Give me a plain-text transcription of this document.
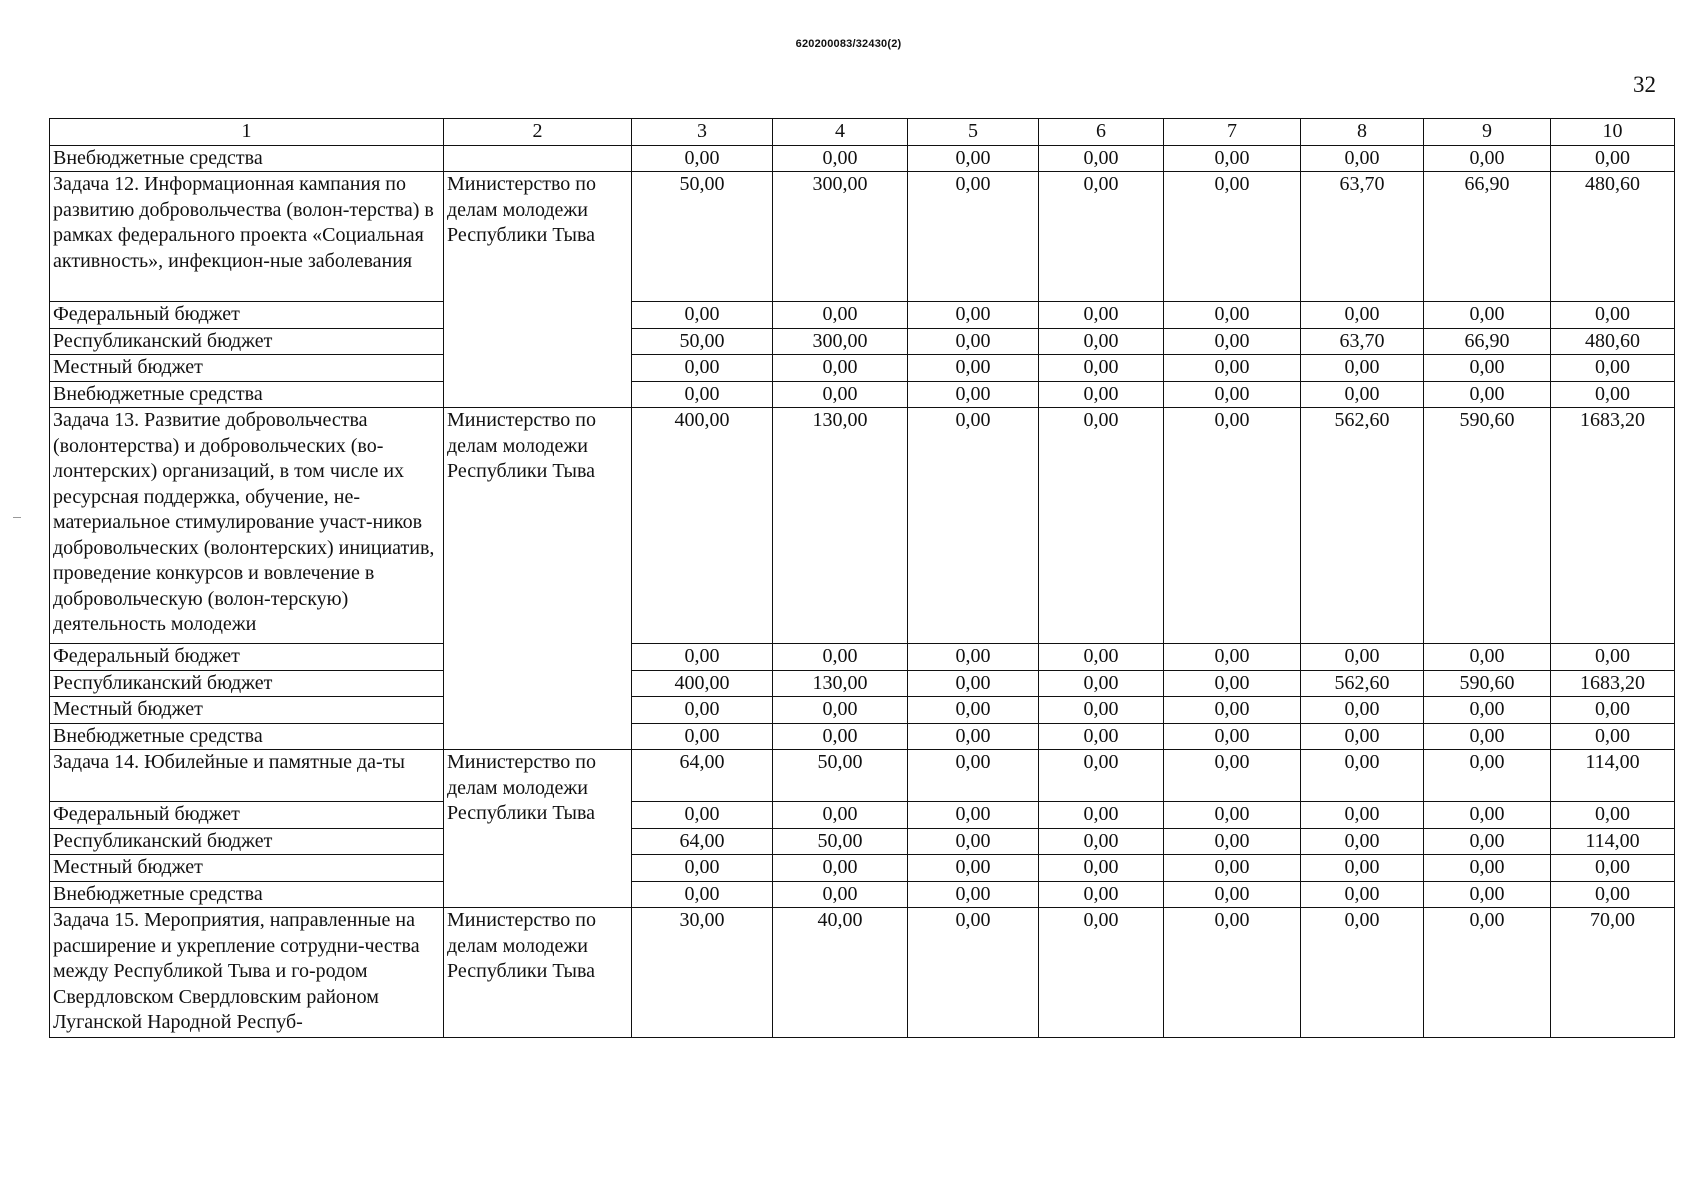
620200083/32430(2)
32
1	2	3	4	5	6	7	8	9	10
Внебюджетные средства		0,00	0,00	0,00	0,00	0,00	0,00	0,00	0,00
Задача 12. Информационная кампания по развитию добровольчества (волон-терства) в рамках федерального проекта «Социальная активность», инфекцион-ные заболевания	Министерство по делам молодежи Республики Тыва	50,00	300,00	0,00	0,00	0,00	63,70	66,90	480,60
Федеральный бюджет		0,00	0,00	0,00	0,00	0,00	0,00	0,00	0,00
Республиканский бюджет		50,00	300,00	0,00	0,00	0,00	63,70	66,90	480,60
Местный бюджет		0,00	0,00	0,00	0,00	0,00	0,00	0,00	0,00
Внебюджетные средства		0,00	0,00	0,00	0,00	0,00	0,00	0,00	0,00
Задача 13. Развитие добровольчества (волонтерства) и добровольческих (во-лонтерских) организаций, в том числе их ресурсная поддержка, обучение, не-материальное стимулирование участ-ников добровольческих (волонтерских) инициатив, проведение конкурсов и вовлечение в добровольческую (волон-терскую) деятельность молодежи	Министерство по делам молодежи Республики Тыва	400,00	130,00	0,00	0,00	0,00	562,60	590,60	1683,20
Федеральный бюджет		0,00	0,00	0,00	0,00	0,00	0,00	0,00	0,00
Республиканский бюджет		400,00	130,00	0,00	0,00	0,00	562,60	590,60	1683,20
Местный бюджет		0,00	0,00	0,00	0,00	0,00	0,00	0,00	0,00
Внебюджетные средства		0,00	0,00	0,00	0,00	0,00	0,00	0,00	0,00
Задача 14. Юбилейные и памятные да-ты	Министерство по делам молодежи Республики Тыва	64,00	50,00	0,00	0,00	0,00	0,00	0,00	114,00
Федеральный бюджет		0,00	0,00	0,00	0,00	0,00	0,00	0,00	0,00
Республиканский бюджет		64,00	50,00	0,00	0,00	0,00	0,00	0,00	114,00
Местный бюджет		0,00	0,00	0,00	0,00	0,00	0,00	0,00	0,00
Внебюджетные средства		0,00	0,00	0,00	0,00	0,00	0,00	0,00	0,00
Задача 15. Мероприятия, направленные на расширение и укрепление сотрудни-чества между Республикой Тыва и го-родом Свердловском Свердловским районом Луганской Народной Респуб-	Министерство по делам молодежи Республики Тыва	30,00	40,00	0,00	0,00	0,00	0,00	0,00	70,00
